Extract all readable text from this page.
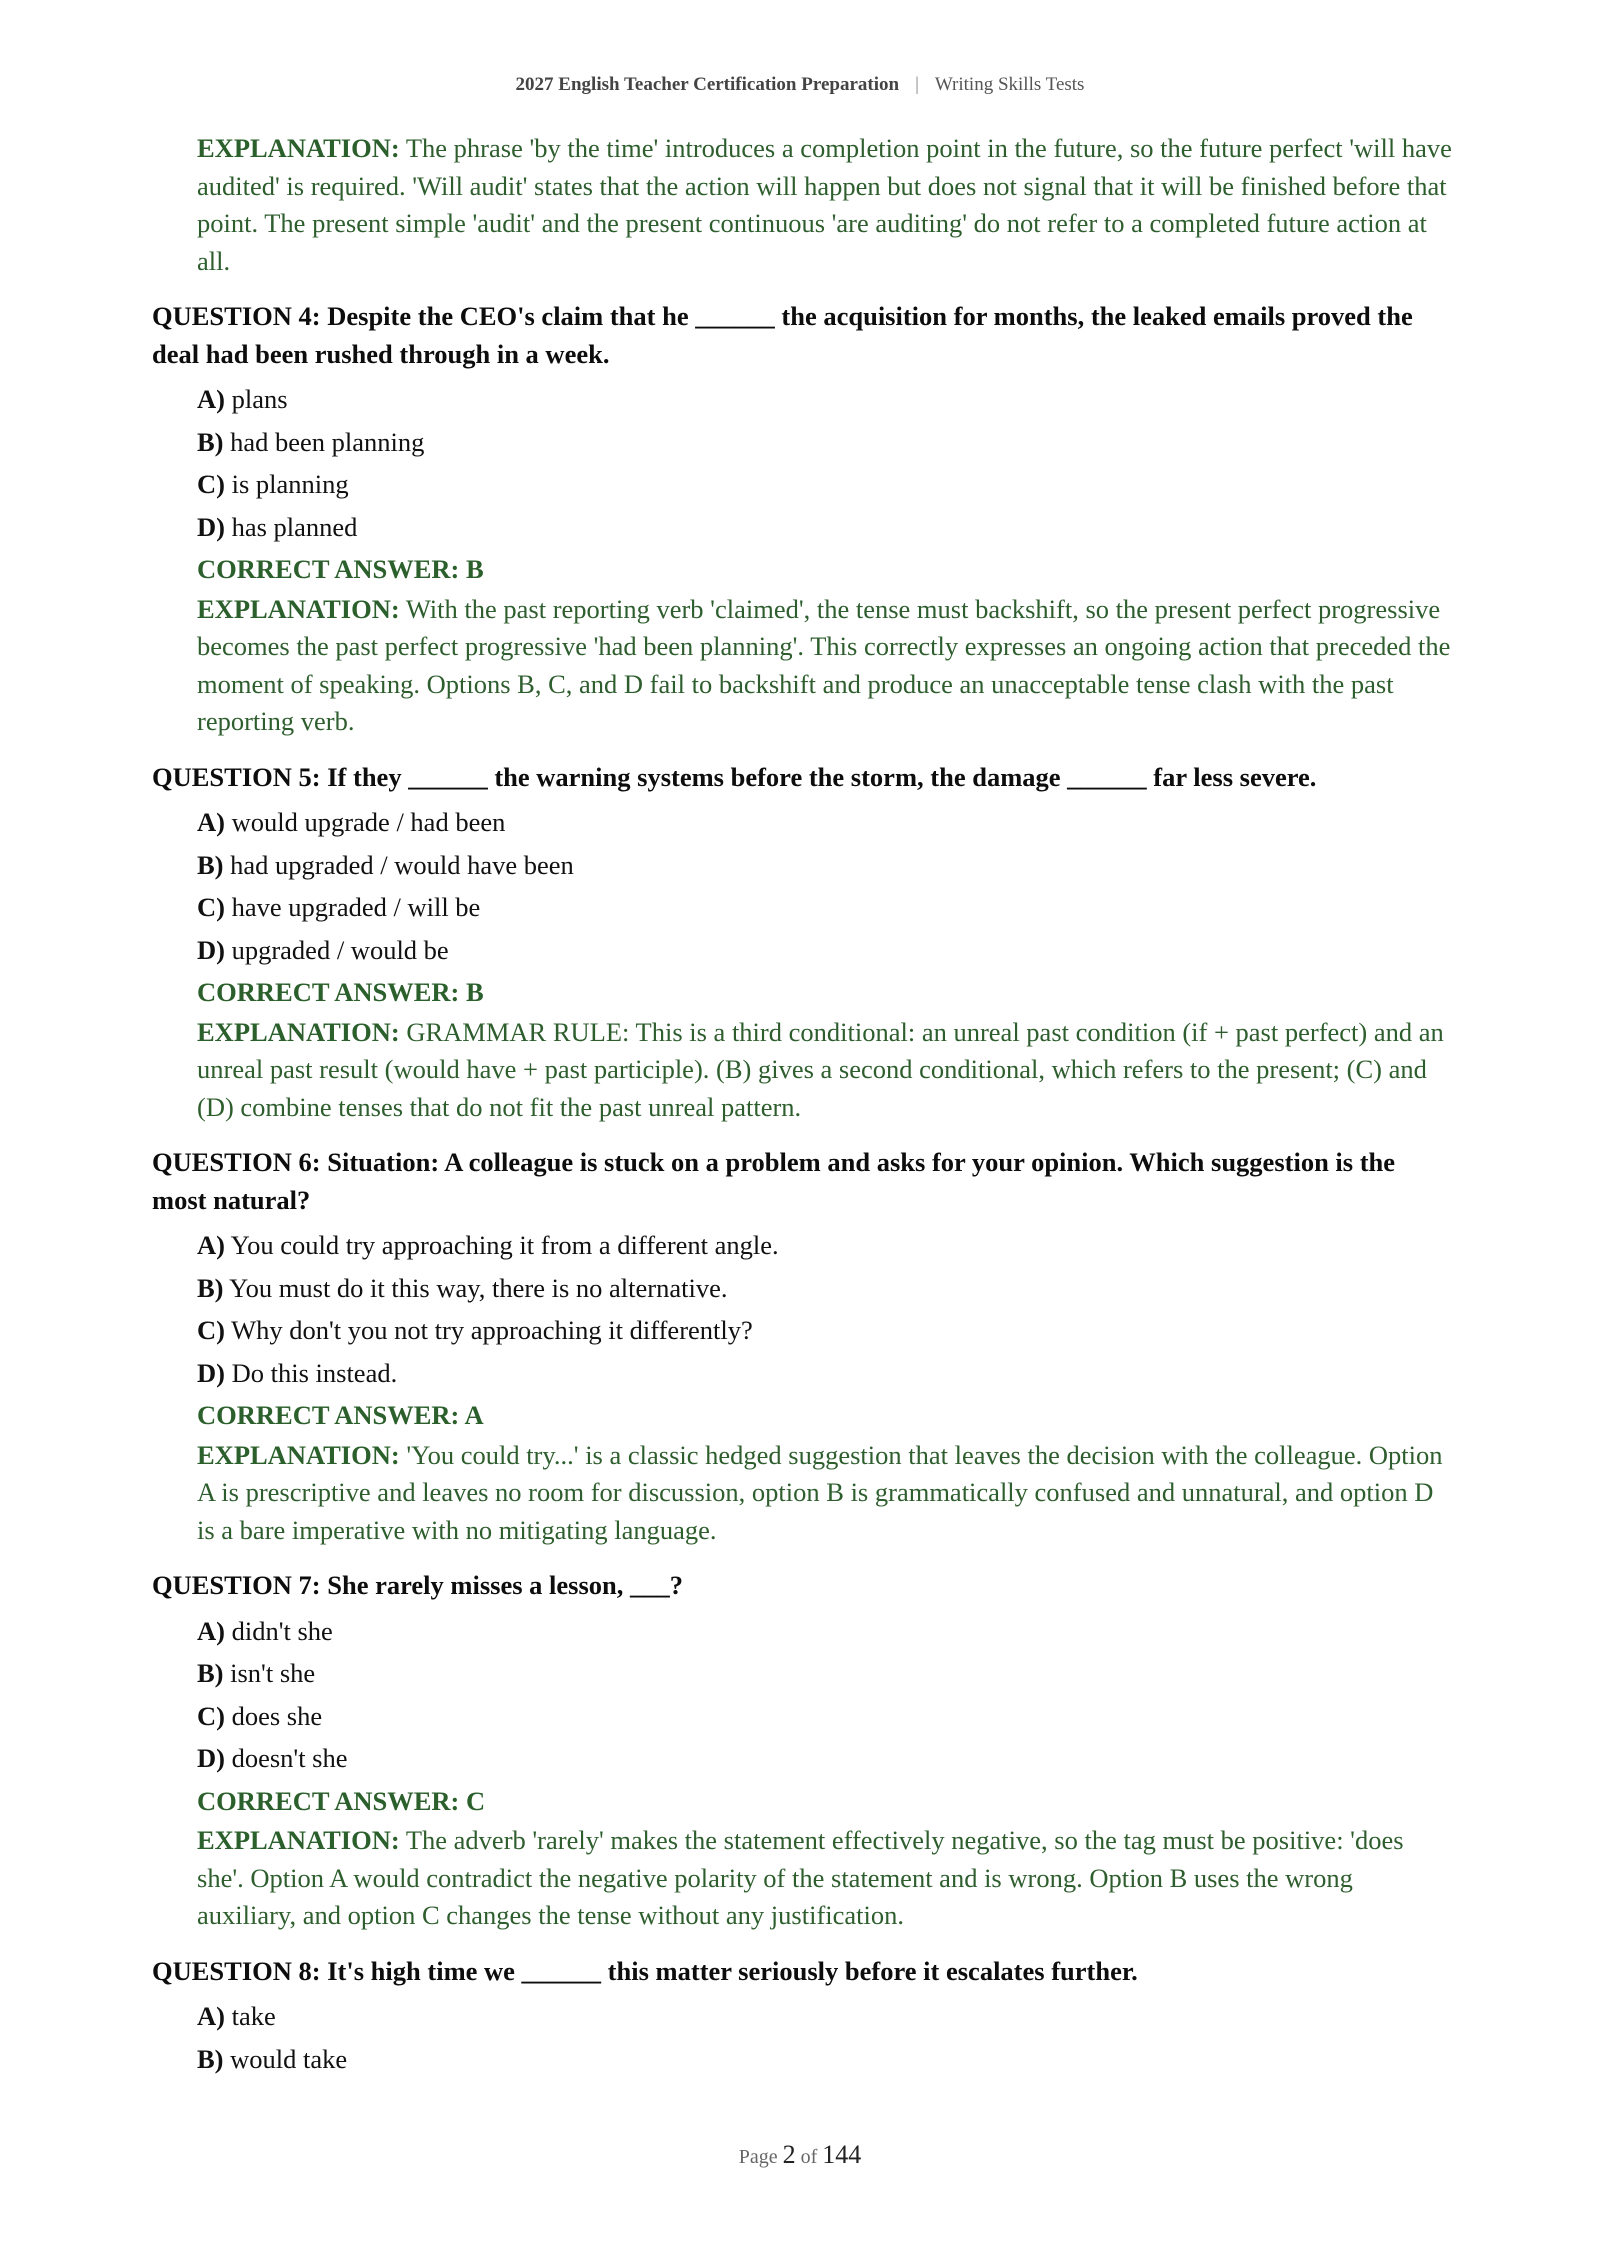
2027 English Teacher Certification Preparation | Writing Skills Tests
EXPLANATION: The phrase 'by the time' introduces a completion point in the future, so the future perfect 'will have audited' is required. 'Will audit' states that the action will happen but does not signal that it will be finished before that point. The present simple 'audit' and the present continuous 'are auditing' do not refer to a completed future action at all.
QUESTION 4: Despite the CEO's claim that he ______ the acquisition for months, the leaked emails proved the deal had been rushed through in a week.
A) plans
B) had been planning
C) is planning
D) has planned
CORRECT ANSWER: B
EXPLANATION: With the past reporting verb 'claimed', the tense must backshift, so the present perfect progressive becomes the past perfect progressive 'had been planning'. This correctly expresses an ongoing action that preceded the moment of speaking. Options B, C, and D fail to backshift and produce an unacceptable tense clash with the past reporting verb.
QUESTION 5: If they ______ the warning systems before the storm, the damage ______ far less severe.
A) would upgrade / had been
B) had upgraded / would have been
C) have upgraded / will be
D) upgraded / would be
CORRECT ANSWER: B
EXPLANATION: GRAMMAR RULE: This is a third conditional: an unreal past condition (if + past perfect) and an unreal past result (would have + past participle). (B) gives a second conditional, which refers to the present; (C) and (D) combine tenses that do not fit the past unreal pattern.
QUESTION 6: Situation: A colleague is stuck on a problem and asks for your opinion. Which suggestion is the most natural?
A) You could try approaching it from a different angle.
B) You must do it this way, there is no alternative.
C) Why don't you not try approaching it differently?
D) Do this instead.
CORRECT ANSWER: A
EXPLANATION: 'You could try...' is a classic hedged suggestion that leaves the decision with the colleague. Option A is prescriptive and leaves no room for discussion, option B is grammatically confused and unnatural, and option D is a bare imperative with no mitigating language.
QUESTION 7: She rarely misses a lesson, ___?
A) didn't she
B) isn't she
C) does she
D) doesn't she
CORRECT ANSWER: C
EXPLANATION: The adverb 'rarely' makes the statement effectively negative, so the tag must be positive: 'does she'. Option A would contradict the negative polarity of the statement and is wrong. Option B uses the wrong auxiliary, and option C changes the tense without any justification.
QUESTION 8: It's high time we ______ this matter seriously before it escalates further.
A) take
B) would take
Page 2 of 144
